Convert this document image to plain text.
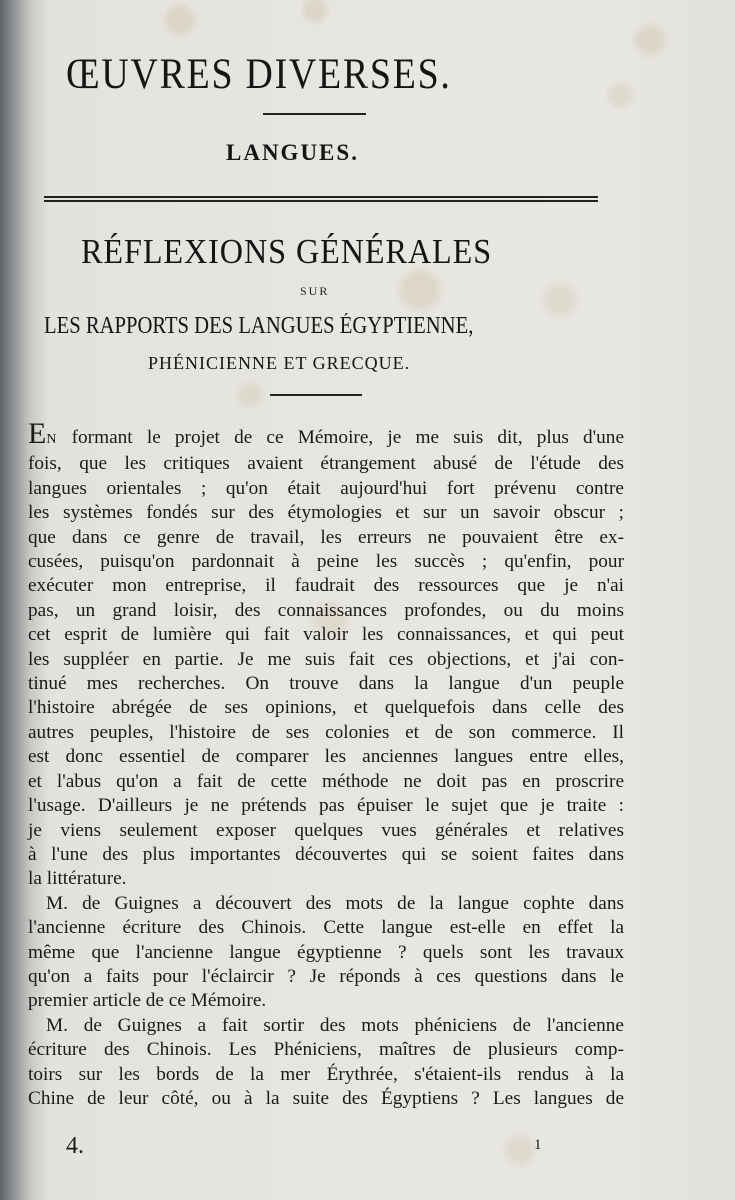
ŒUVRES DIVERSES.
LANGUES.
RÉFLEXIONS GÉNÉRALES
SUR
LES RAPPORTS DES LANGUES ÉGYPTIENNE,
PHÉNICIENNE ET GRECQUE.
EN formant le projet de ce Mémoire, je me suis dit, plus d'une
fois, que les critiques avaient étrangement abusé de l'étude des
langues orientales ; qu'on était aujourd'hui fort prévenu contre
les systèmes fondés sur des étymologies et sur un savoir obscur ;
que dans ce genre de travail, les erreurs ne pouvaient être ex-
cusées, puisqu'on pardonnait à peine les succès ; qu'enfin, pour
exécuter mon entreprise, il faudrait des ressources que je n'ai
pas, un grand loisir, des connaissances profondes, ou du moins
cet esprit de lumière qui fait valoir les connaissances, et qui peut
les suppléer en partie. Je me suis fait ces objections, et j'ai con-
tinué mes recherches. On trouve dans la langue d'un peuple
l'histoire abrégée de ses opinions, et quelquefois dans celle des
autres peuples, l'histoire de ses colonies et de son commerce. Il
est donc essentiel de comparer les anciennes langues entre elles,
et l'abus qu'on a fait de cette méthode ne doit pas en proscrire
l'usage. D'ailleurs je ne prétends pas épuiser le sujet que je traite :
je viens seulement exposer quelques vues générales et relatives
à l'une des plus importantes découvertes qui se soient faites dans
la littérature.
M. de Guignes a découvert des mots de la langue cophte dans
l'ancienne écriture des Chinois. Cette langue est-elle en effet la
même que l'ancienne langue égyptienne ? quels sont les travaux
qu'on a faits pour l'éclaircir ? Je réponds à ces questions dans le
premier article de ce Mémoire.
M. de Guignes a fait sortir des mots phéniciens de l'ancienne
écriture des Chinois. Les Phéniciens, maîtres de plusieurs comp-
toirs sur les bords de la mer Érythrée, s'étaient-ils rendus à la
Chine de leur côté, ou à la suite des Égyptiens ? Les langues de
4.	1
